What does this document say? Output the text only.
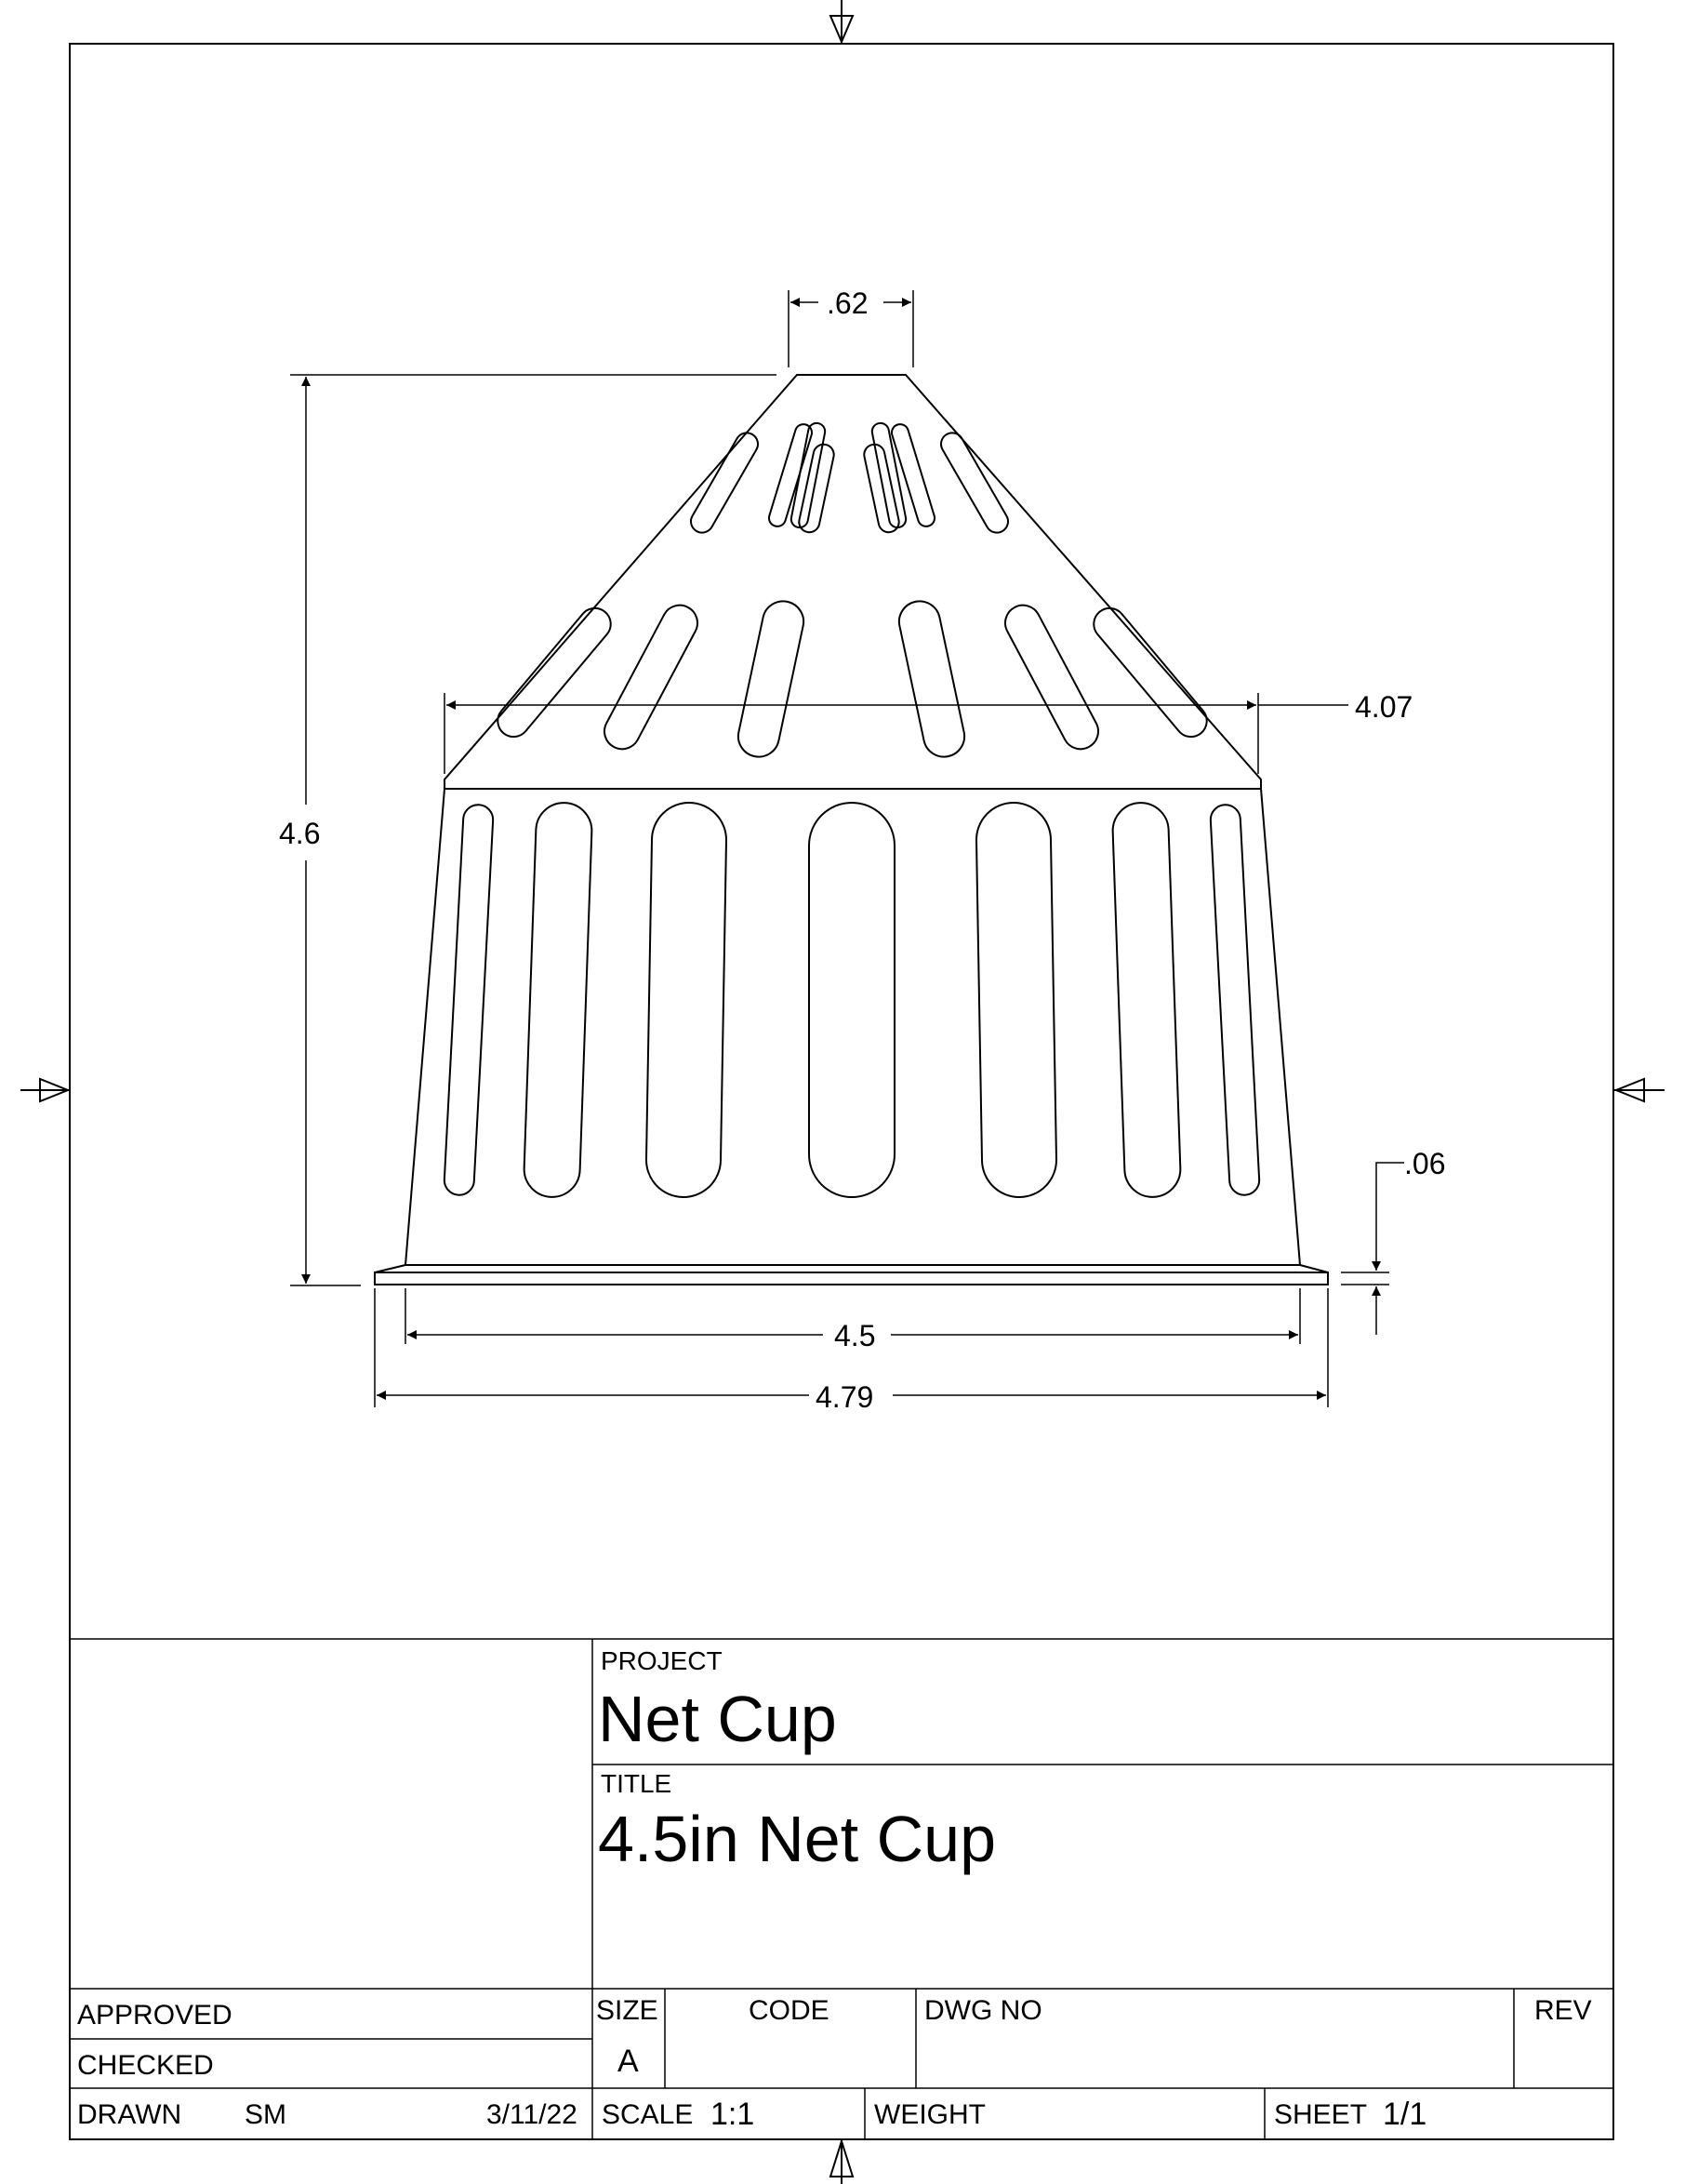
.62
4.6
4.07
.06
4.5
4.79
PROJECT
Net Cup
TITLE
4.5in Net Cup
APPROVED
CHECKED
DRAWN SM	3/11/22
SIZE
A
CODE	DWG NO	REV
SCALE 1:1	WEIGHT	SHEET 1/1
